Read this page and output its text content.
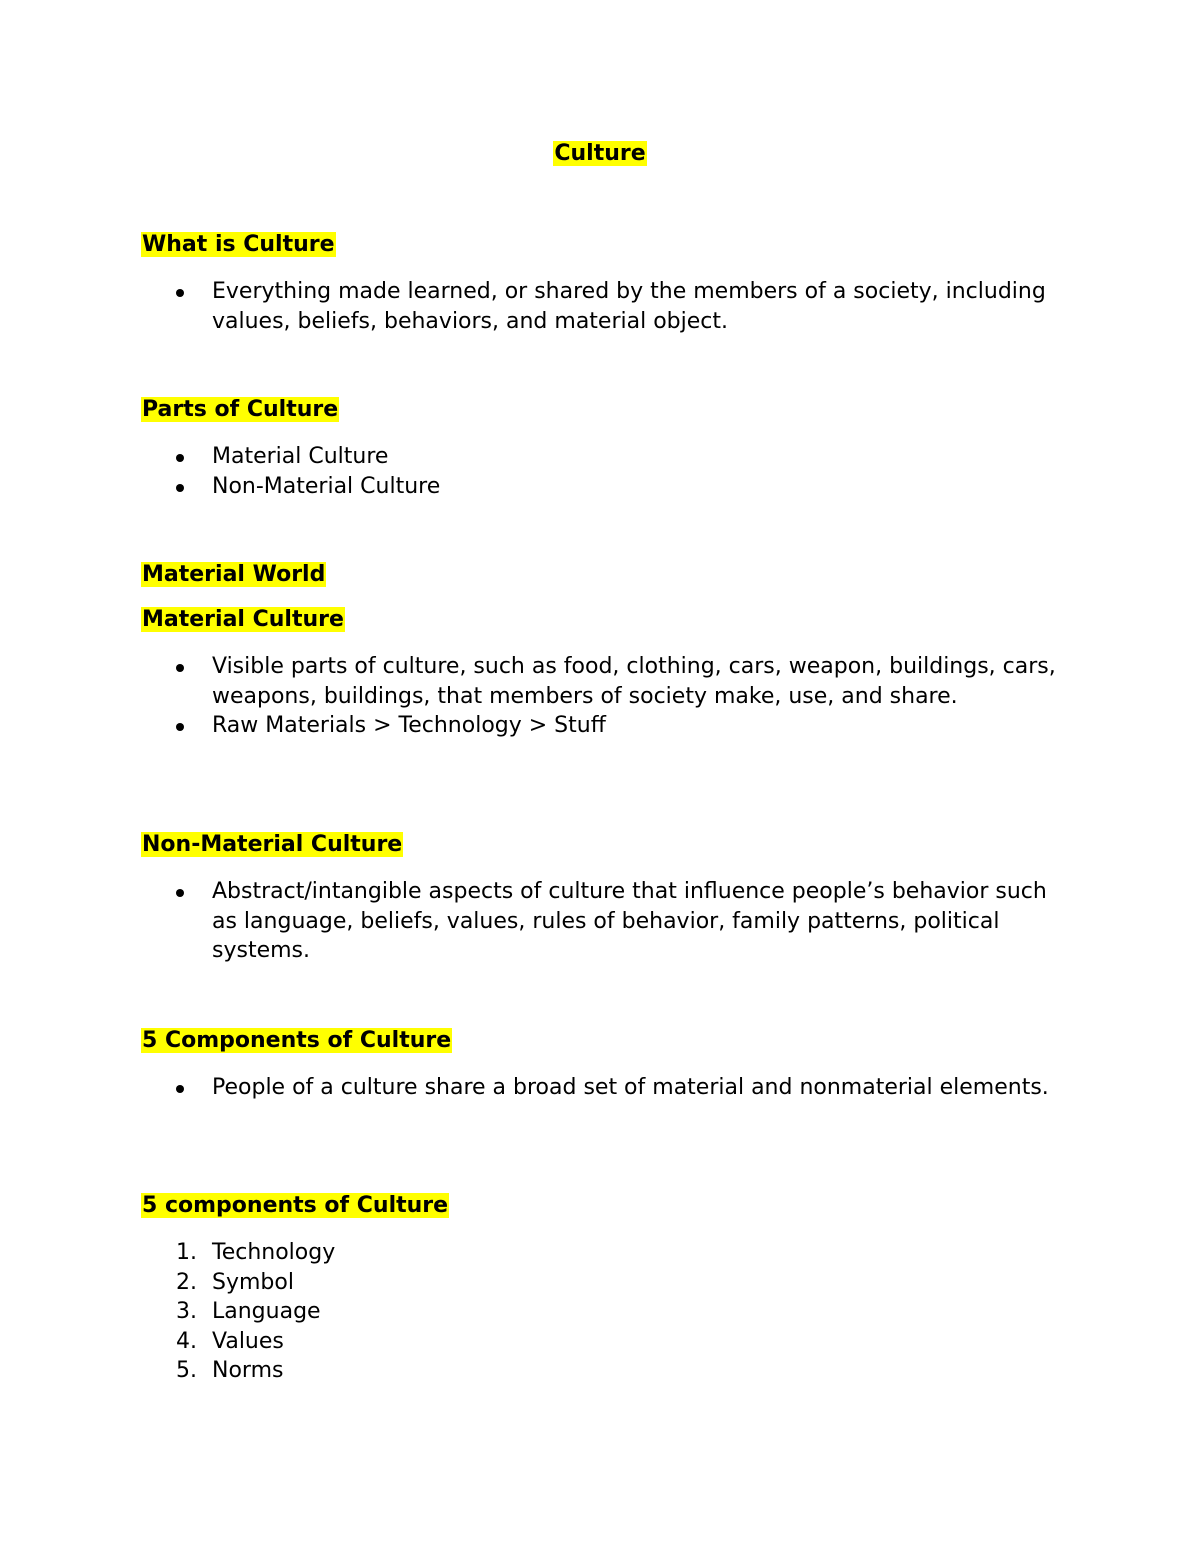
Culture
What is Culture
Everything made learned, or shared by the members of a society, including values, beliefs, behaviors, and material object.
Parts of Culture
Material Culture
Non-Material Culture
Material World
Material Culture
Visible parts of culture, such as food, clothing, cars, weapon, buildings, cars, weapons, buildings, that members of society make, use, and share.
Raw Materials > Technology > Stuff
Non-Material Culture
Abstract/intangible aspects of culture that influence people’s behavior such as language, beliefs, values, rules of behavior, family patterns, political systems.
5 Components of Culture
People of a culture share a broad set of material and nonmaterial elements.
5 components of Culture
1. Technology
2. Symbol
3. Language
4. Values
5. Norms
